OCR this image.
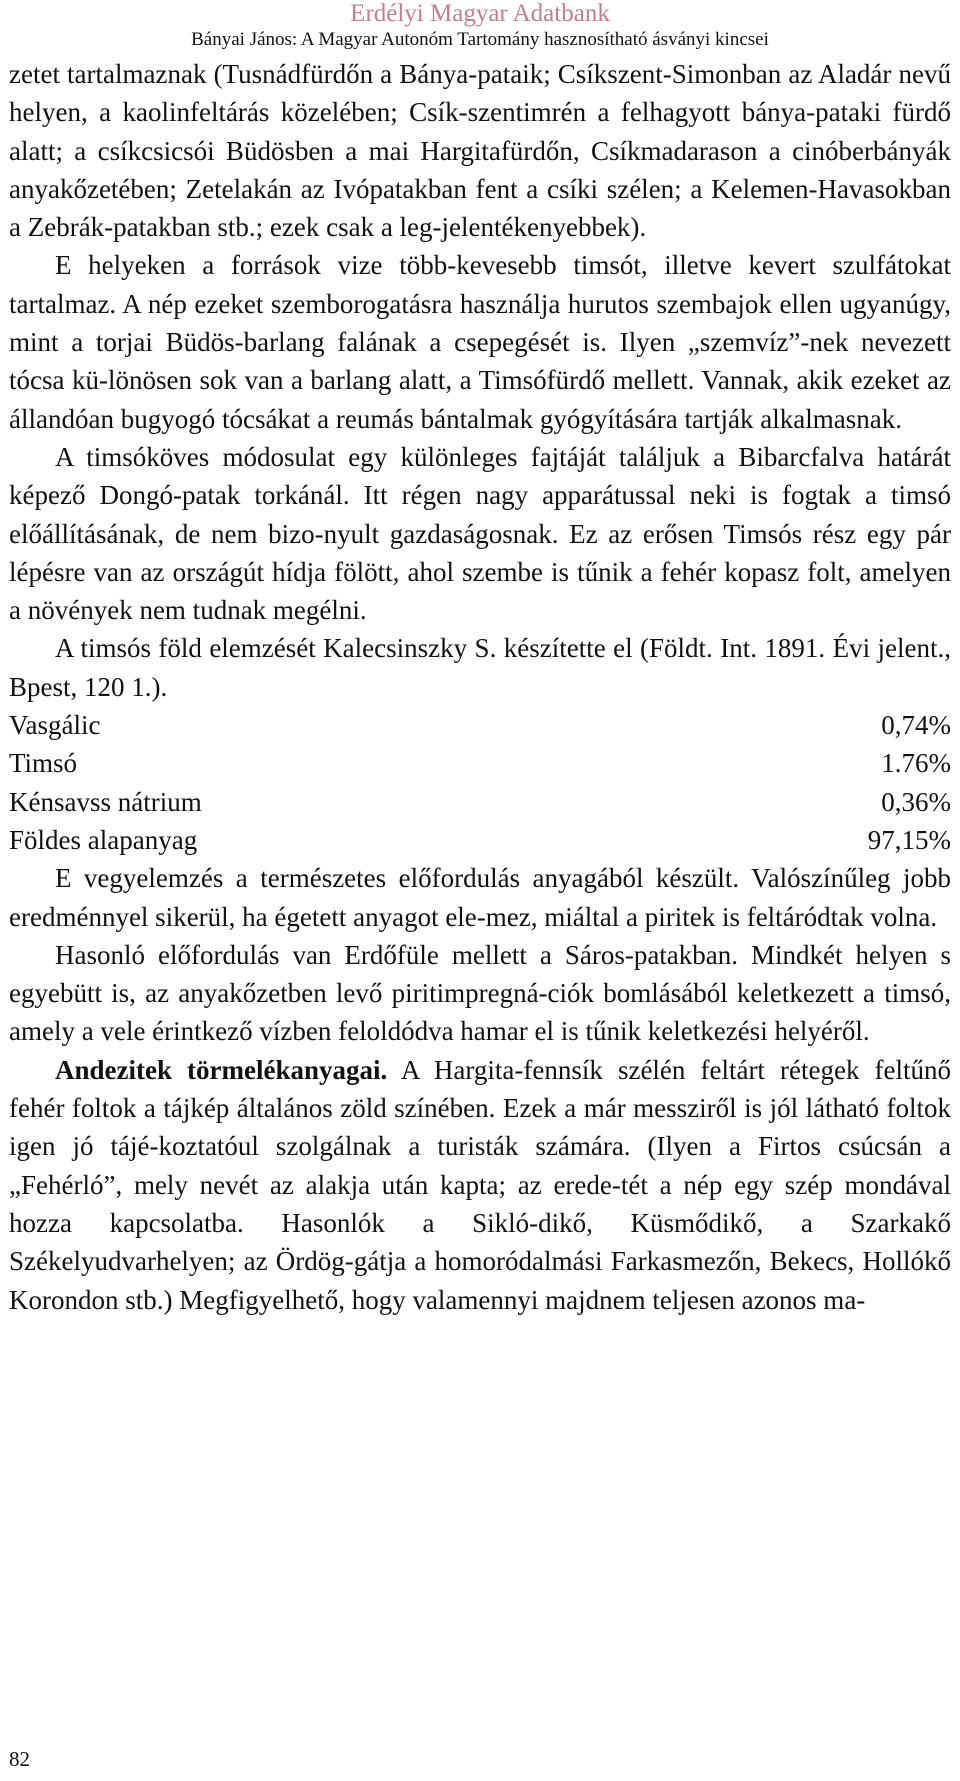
Erdélyi Magyar Adatbank
Bányai János: A Magyar Autonóm Tartomány hasznosítható ásványi kincsei

zetet tartalmaznak (Tusnádfürdőn a Bánya-pataik; Csíkszent-Simonban az Aladár nevű helyen, a kaolinfeltárás közelében; Csík-szentimrén a felhagyott bánya-pataki fürdő alatt; a csíkcsicsói Büdösben a mai Hargitafürdőn, Csíkmadarason a cinóberbányák anyakőzetében; Zetelakán az Ivópatakban fent a csíki szélen; a Kelemen-Havasokban a Zebrák-patakban stb.; ezek csak a leg-jelentékenyebbek).

E helyeken a források vize több-kevesebb timsót, illetve kevert szulfátokat tartalmaz. A nép ezeket szemborogatásra használja hurutos szembajok ellen ugyanúgy, mint a torjai Büdös-barlang falának a csepegését is. Ilyen „szemvíz”-nek nevezett tócsa kü-lönösen sok van a barlang alatt, a Timsófürdő mellett. Vannak, akik ezeket az állandóan bugyogó tócsákat a reumás bántalmak gyógyítására tartják alkalmasnak.

A timsóköves módosulat egy különleges fajtáját találjuk a Bibarcfalva határát képező Dongó-patak torkánál. Itt régen nagy apparátussal neki is fogtak a timsó előállításának, de nem bizo-nyult gazdaságosnak. Ez az erősen Timsós rész egy pár lépésre van az országút hídja fölött, ahol szembe is tűnik a fehér kopasz folt, amelyen a növények nem tudnak megélni.

A timsós föld elemzését Kalecsinszky S. készítette el (Földt. Int. 1891. Évi jelent., Bpest, 120 1.).

Vasgálic	0,74%
Timsó	1.76%
Kénsavss nátrium	0,36%
Földes alapanyag	97,15%

E vegyelemzés a természetes előfordulás anyagából készült. Valószínűleg jobb eredménnyel sikerül, ha égetett anyagot ele-mez, miáltal a piritek is feltáródtak volna.

Hasonló előfordulás van Erdőfüle mellett a Sáros-patakban. Mindkét helyen s egyebütt is, az anyakőzetben levő piritimpregná-ciók bomlásából keletkezett a timsó, amely a vele érintkező vízben feloldódva hamar el is tűnik keletkezési helyéről.

Andezitek törmelékanyagai. A Hargita-fennsík szélén feltárt rétegek feltűnő fehér foltok a tájkép általános zöld színében. Ezek a már messziről is jól látható foltok igen jó tájé-koztatóul szolgálnak a turisták számára. (Ilyen a Firtos csúcsán a „Fehérló”, mely nevét az alakja után kapta; az erede-tét a nép egy szép mondával hozza kapcsolatba. Hasonlók a Sikló-dikő, Küsmődikő, a Szarkakő Székelyudvarhelyen; az Ördög-gátja a homoródalmási Farkasmezőn, Bekecs, Hollókő Korondon stb.) Megfigyelhető, hogy valamennyi majdnem teljesen azonos ma-

82
